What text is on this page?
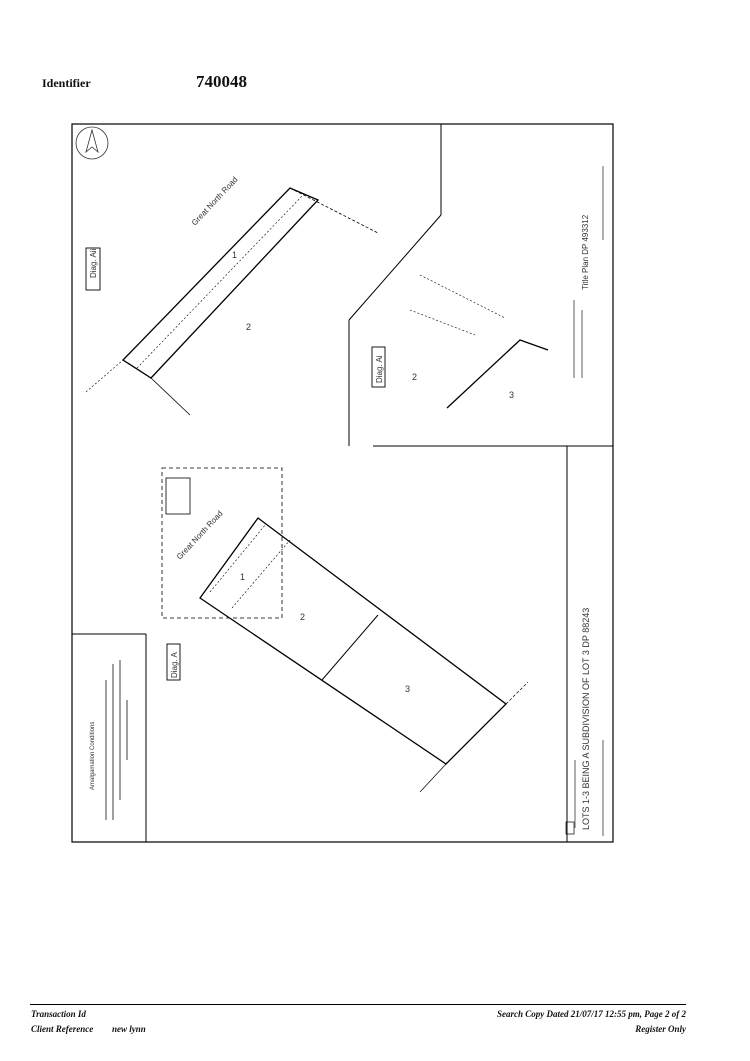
Identifier	740048
Diag. Aii
Great North Road
1
2
Diag. Ai	2
3
Great North Road
1
2
3
Diag. A
Amalgamation Conditions	LOTS 1-3 BEING A SUBDIVISION OF LOT 3 DP 88243
Title Plan DP 493312
Transaction Id
Client Reference new lynn
Search Copy Dated 21/07/17 12:55 pm, Page 2 of 2
Register Only
